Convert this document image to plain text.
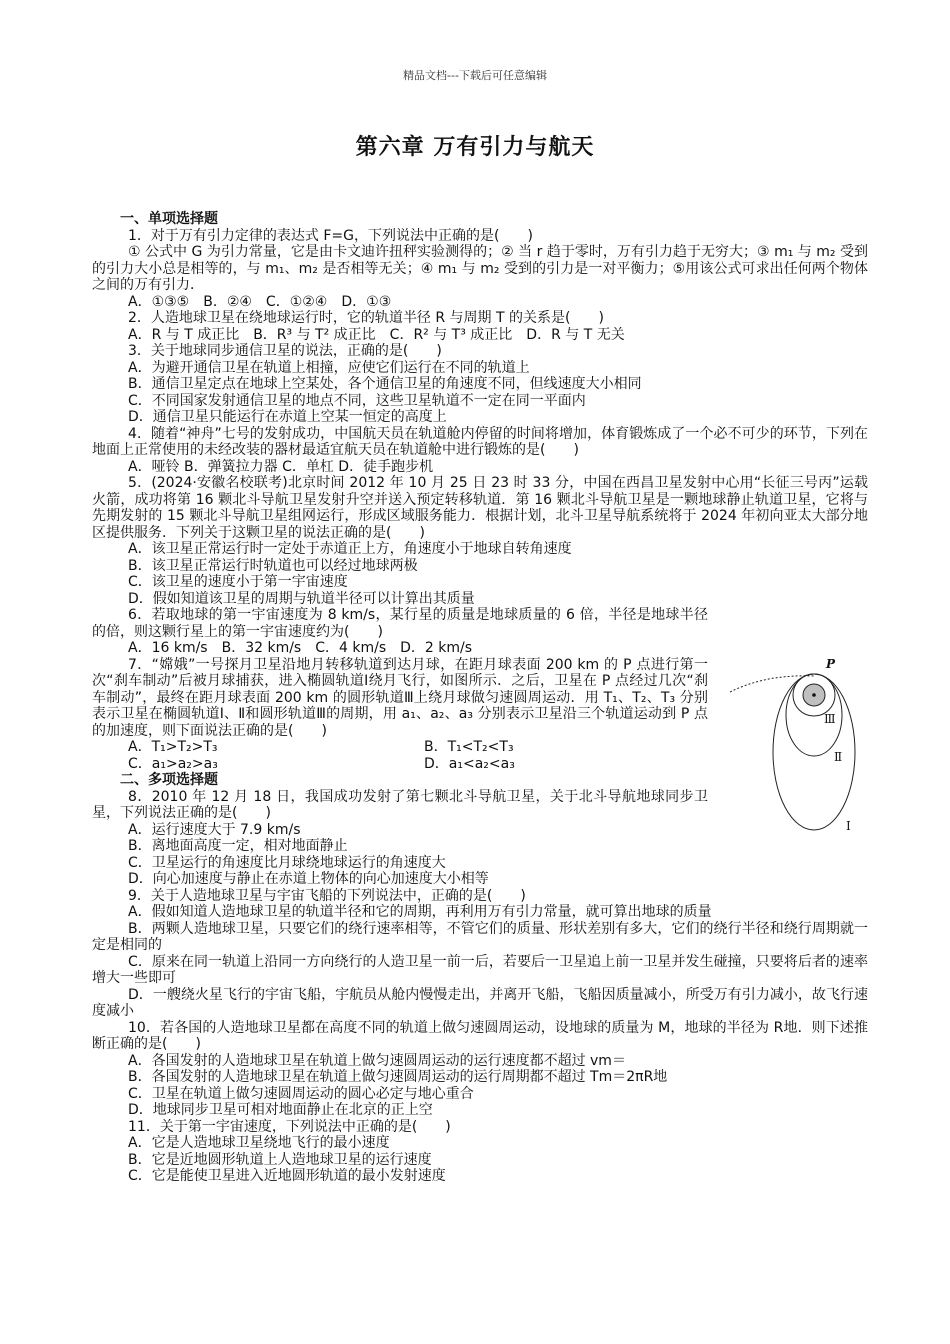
精品文档---下载后可任意编辑
第六章 万有引力与航天
一、单项选择题
1．对于万有引力定律的表达式 F=G，下列说法中正确的是(　　)
① 公式中 G 为引力常量，它是由卡文迪许扭秤实验测得的；② 当 r 趋于零时，万有引力趋于无穷大；③ m₁ 与 m₂ 受到的引力大小总是相等的，与 m₁、m₂ 是否相等无关；④ m₁ 与 m₂ 受到的引力是一对平衡力；⑤用该公式可求出任何两个物体之间的万有引力．
A．①③⑤　B．②④　C．①②④　D．①③
2．人造地球卫星在绕地球运行时，它的轨道半径 R 与周期 T 的关系是(　　)
A．R 与 T 成正比　B．R³ 与 T² 成正比　C．R² 与 T³ 成正比　D．R 与 T 无关
3．关于地球同步通信卫星的说法，正确的是(　　)
A．为避开通信卫星在轨道上相撞，应使它们运行在不同的轨道上
B．通信卫星定点在地球上空某处，各个通信卫星的角速度不同，但线速度大小相同
C．不同国家发射通信卫星的地点不同，这些卫星轨道不一定在同一平面内
D．通信卫星只能运行在赤道上空某一恒定的高度上
4．随着“神舟”七号的发射成功，中国航天员在轨道舱内停留的时间将增加，体育锻炼成了一个必不可少的环节，下列在地面上正常使用的未经改装的器材最适宜航天员在轨道舱中进行锻炼的是(　　)
A．哑铃 B．弹簧拉力器 C．单杠 D．徒手跑步机
5．(2024·安徽名校联考)北京时间 2012 年 10 月 25 日 23 时 33 分，中国在西昌卫星发射中心用“长征三号丙”运载火箭，成功将第 16 颗北斗导航卫星发射升空并送入预定转移轨道．第 16 颗北斗导航卫星是一颗地球静止轨道卫星，它将与先期发射的 15 颗北斗导航卫星组网运行，形成区域服务能力．根据计划，北斗卫星导航系统将于 2024 年初向亚太大部分地区提供服务．下列关于这颗卫星的说法正确的是(　　)
A．该卫星正常运行时一定处于赤道正上方，角速度小于地球自转角速度
B．该卫星正常运行时轨道也可以经过地球两极
C．该卫星的速度小于第一宇宙速度
D．假如知道该卫星的周期与轨道半径可以计算出其质量
6．若取地球的第一宇宙速度为 8 km/s，某行星的质量是地球质量的 6 倍，半径是地球半径的倍，则这颗行星上的第一宇宙速度约为(　　)
A．16 km/s　B．32 km/s　C．4 km/s　D．2 km/s
7．“嫦娥”一号探月卫星沿地月转移轨道到达月球，在距月球表面 200 km 的 P 点进行第一次“刹车制动”后被月球捕获，进入椭圆轨道Ⅰ绕月飞行，如图所示．之后，卫星在 P 点经过几次“刹车制动”，最终在距月球表面 200 km 的圆形轨道Ⅲ上绕月球做匀速圆周运动．用 T₁、T₂、T₃ 分别表示卫星在椭圆轨道Ⅰ、Ⅱ和圆形轨道Ⅲ的周期，用 a₁、a₂、a₃ 分别表示卫星沿三个轨道运动到 P 点的加速度，则下面说法正确的是(　　)
A．T₁>T₂>T₃	B．T₁<T₂<T₃
C．a₁>a₂>a₃	D．a₁<a₂<a₃
二、多项选择题
8．2010 年 12 月 18 日，我国成功发射了第七颗北斗导航卫星，关于北斗导航地球同步卫星，下列说法正确的是(　　)
A．运行速度大于 7.9 km/s
B．离地面高度一定，相对地面静止
C．卫星运行的角速度比月球绕地球运行的角速度大
D．向心加速度与静止在赤道上物体的向心加速度大小相等
9．关于人造地球卫星与宇宙飞船的下列说法中，正确的是(　　)
A．假如知道人造地球卫星的轨道半径和它的周期，再利用万有引力常量，就可算出地球的质量
B．两颗人造地球卫星，只要它们的绕行速率相等，不管它们的质量、形状差别有多大，它们的绕行半径和绕行周期就一定是相同的
C．原来在同一轨道上沿同一方向绕行的人造卫星一前一后，若要后一卫星追上前一卫星并发生碰撞，只要将后者的速率增大一些即可
D．一艘绕火星飞行的宇宙飞船，宇航员从舱内慢慢走出，并离开飞船，飞船因质量减小，所受万有引力减小，故飞行速度减小
10．若各国的人造地球卫星都在高度不同的轨道上做匀速圆周运动，设地球的质量为 M，地球的半径为 R地．则下述推断正确的是(　　)
A．各国发射的人造地球卫星在轨道上做匀速圆周运动的运行速度都不超过 vm＝
B．各国发射的人造地球卫星在轨道上做匀速圆周运动的运行周期都不超过 Tm＝2πR地
C．卫星在轨道上做匀速圆周运动的圆心必定与地心重合
D．地球同步卫星可相对地面静止在北京的正上空
11．关于第一宇宙速度，下列说法中正确的是(　　)
A．它是人造地球卫星绕地飞行的最小速度
B．它是近地圆形轨道上人造地球卫星的运行速度
C．它是能使卫星进入近地圆形轨道的最小发射速度
P
Ⅲ
Ⅱ
Ⅰ
